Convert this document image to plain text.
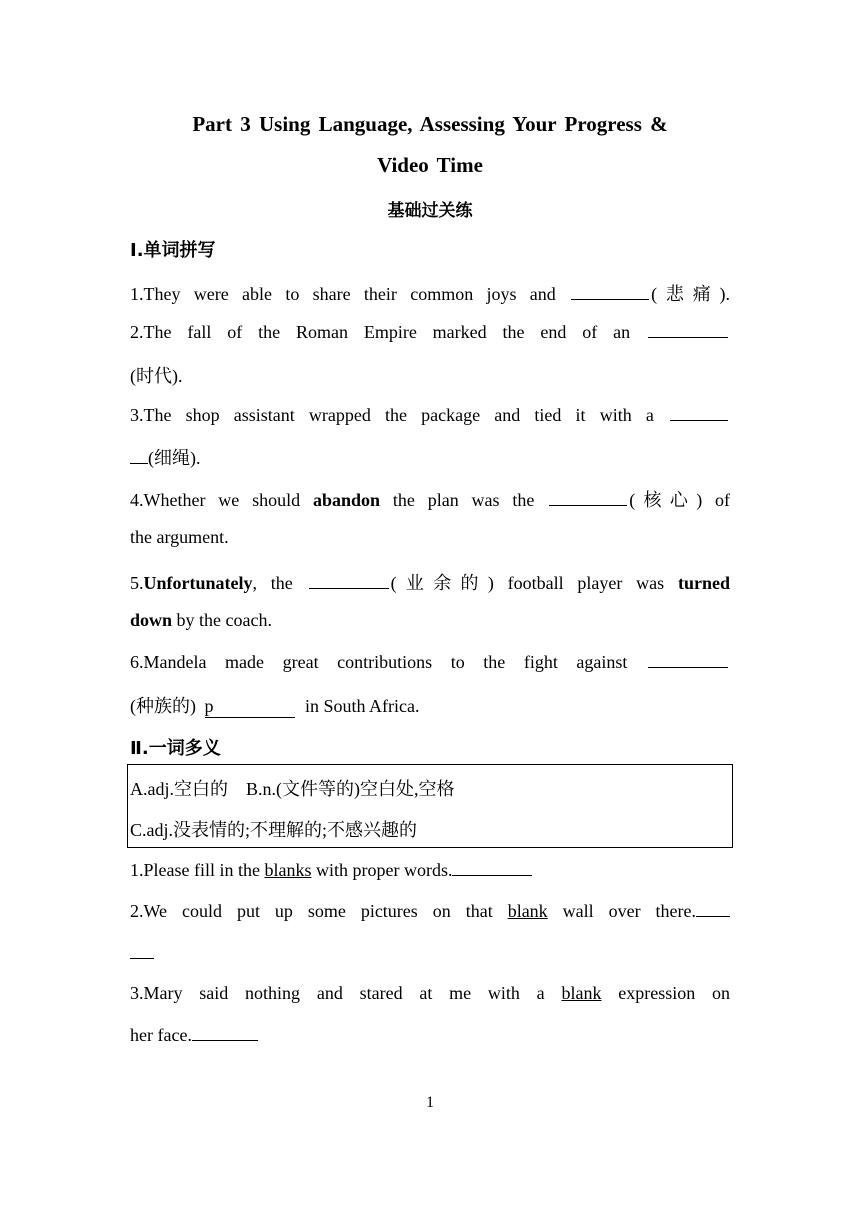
Part 3 Using Language, Assessing Your Progress &
Video Time
基础过关练
Ⅰ.单词拼写
1.They were able to share their common joys and	(悲痛).
2.The fall of the Roman Empire marked the end of an
(时代).
3.The shop assistant wrapped the package and tied it with a
(细绳).
4.Whether we should abandon the plan was the	(核心) of
the argument.
5.Unfortunately, the	(业余的) football player was turned
down by the coach.
6.Mandela made great contributions to the fight against
(种族的) p	in South Africa.
Ⅱ.一词多义
A.adj.空白的　B.n.(文件等的)空白处,空格
C.adj.没表情的;不理解的;不感兴趣的
1.Please fill in the blanks with proper words.
2.We could put up some pictures on that blank wall over there.
3.Mary said nothing and stared at me with a blank expression on
her face.
1
